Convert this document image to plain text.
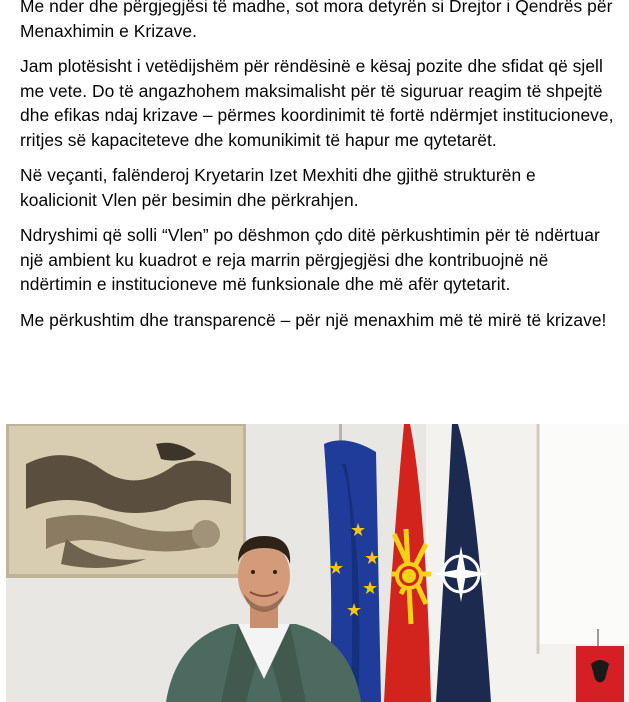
Me nder dhe përgjegjësi të madhe, sot mora detyrën si Drejtor i Qendrës për Menaxhimin e Krizave.

Jam plotësisht i vetëdijshëm për rëndësinë e kësaj pozite dhe sfidat që sjell me vete. Do të angazhohem maksimalisht për të siguruar reagim të shpejtë dhe efikas ndaj krizave – përmes koordinimit të fortë ndërmjet institucioneve, rritjes së kapaciteteve dhe komunikimit të hapur me qytetarët.

Në veçanti, falënderoj Kryetarin Izet Mexhiti dhe gjithë strukturën e koalicionit Vlen për besimin dhe përkrahjen.

Ndryshimi që solli “Vlen” po dëshmon çdo ditë përkushtimin për të ndërtuar një ambient ku kuadrot e reja marrin përgjegjësi dhe kontribuojnë në ndërtimin e institucioneve më funksionale dhe më afër qytetarit.

Me përkushtim dhe transparencë – për një menaxhim më të mirë të krizave!

★
★
★
★
★
